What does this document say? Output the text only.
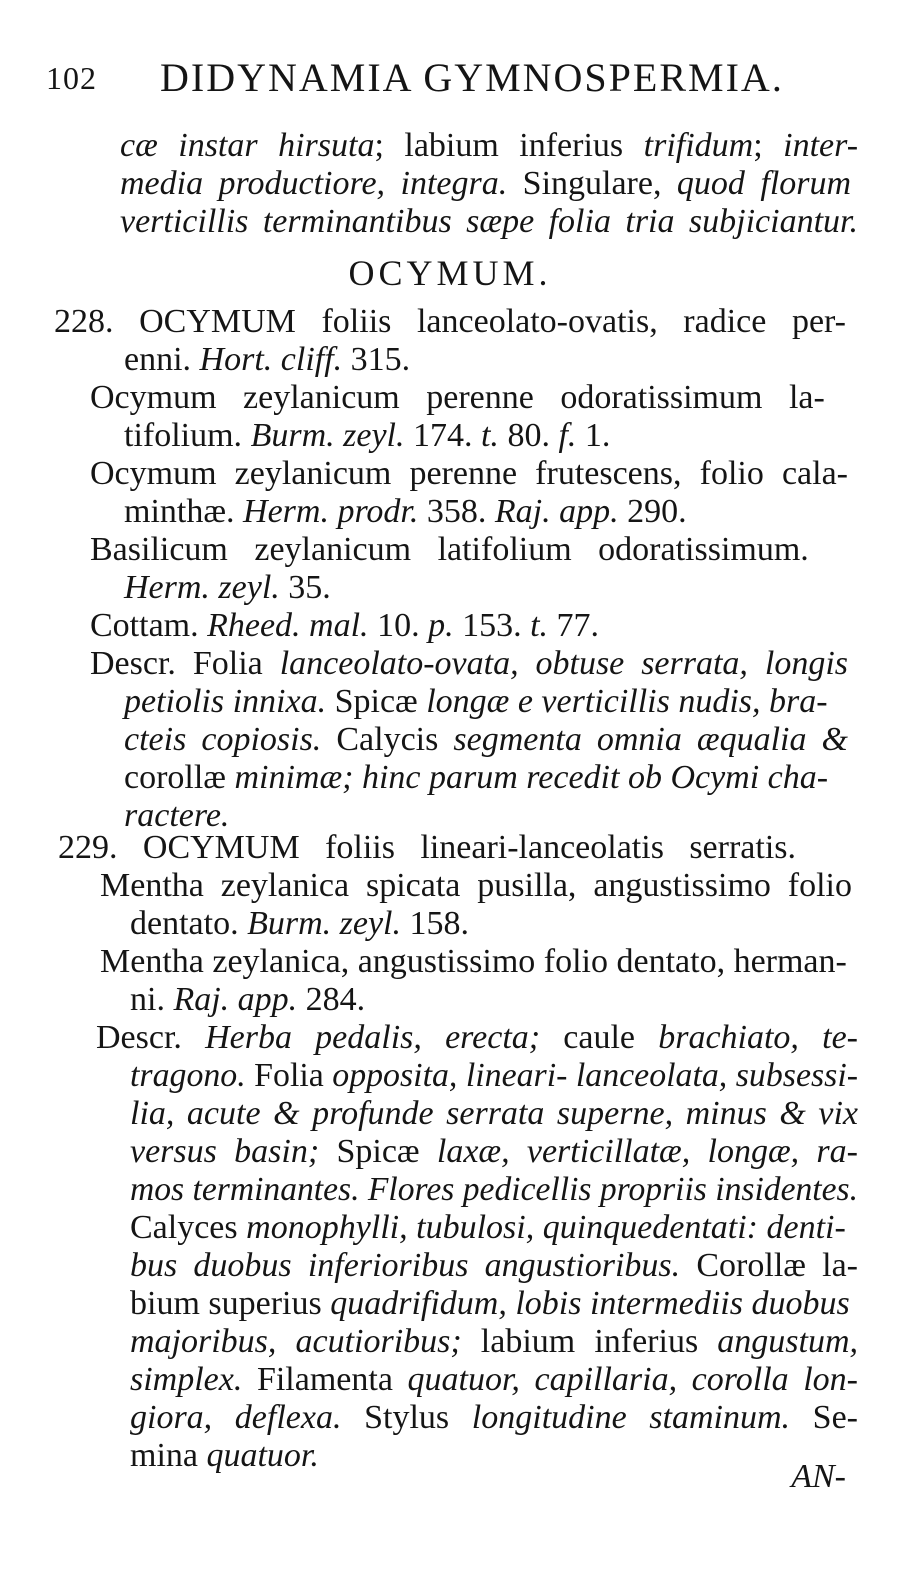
102 DIDYNAMIA GYMNOSPERMIA.
cæ instar hirsuta; labium inferius trifidum; inter-
media productiore, integra. Singulare, quod florum
verticillis terminantibus sæpe folia tria subjiciantur.
OCYMUM.
228. OCYMUM foliis lanceolato-ovatis, radice per-
enni. Hort. cliff. 315.
Ocymum zeylanicum perenne odoratissimum la-
tifolium. Burm. zeyl. 174. t. 80. f. 1.
Ocymum zeylanicum perenne frutescens, folio cala-
minthæ. Herm. prodr. 358. Raj. app. 290.
Basilicum zeylanicum latifolium odoratissimum.
Herm. zeyl. 35.
Cottam. Rheed. mal. 10. p. 153. t. 77.
Descr. Folia lanceolato-ovata, obtuse serrata, longis
petiolis innixa. Spicæ longæ e verticillis nudis, bra-
cteis copiosis. Calycis segmenta omnia æqualia &
corollæ minimæ; hinc parum recedit ob Ocymi cha-
ractere.
229. OCYMUM foliis lineari-lanceolatis serratis.
Mentha zeylanica spicata pusilla, angustissimo folio
dentato. Burm. zeyl. 158.
Mentha zeylanica, angustissimo folio dentato, herman-
ni. Raj. app. 284.
Descr. Herba pedalis, erecta; caule brachiato, te-
tragono. Folia opposita, lineari- lanceolata, subsessi-
lia, acute & profunde serrata superne, minus & vix
versus basin; Spicæ laxæ, verticillatæ, longæ, ra-
mos terminantes. Flores pedicellis propriis insidentes.
Calyces monophylli, tubulosi, quinquedentati: denti-
bus duobus inferioribus angustioribus. Corollæ la-
bium superius quadrifidum, lobis intermediis duobus
majoribus, acutioribus; labium inferius angustum,
simplex. Filamenta quatuor, capillaria, corolla lon-
giora, deflexa. Stylus longitudine staminum. Se-
mina quatuor.
AN-
